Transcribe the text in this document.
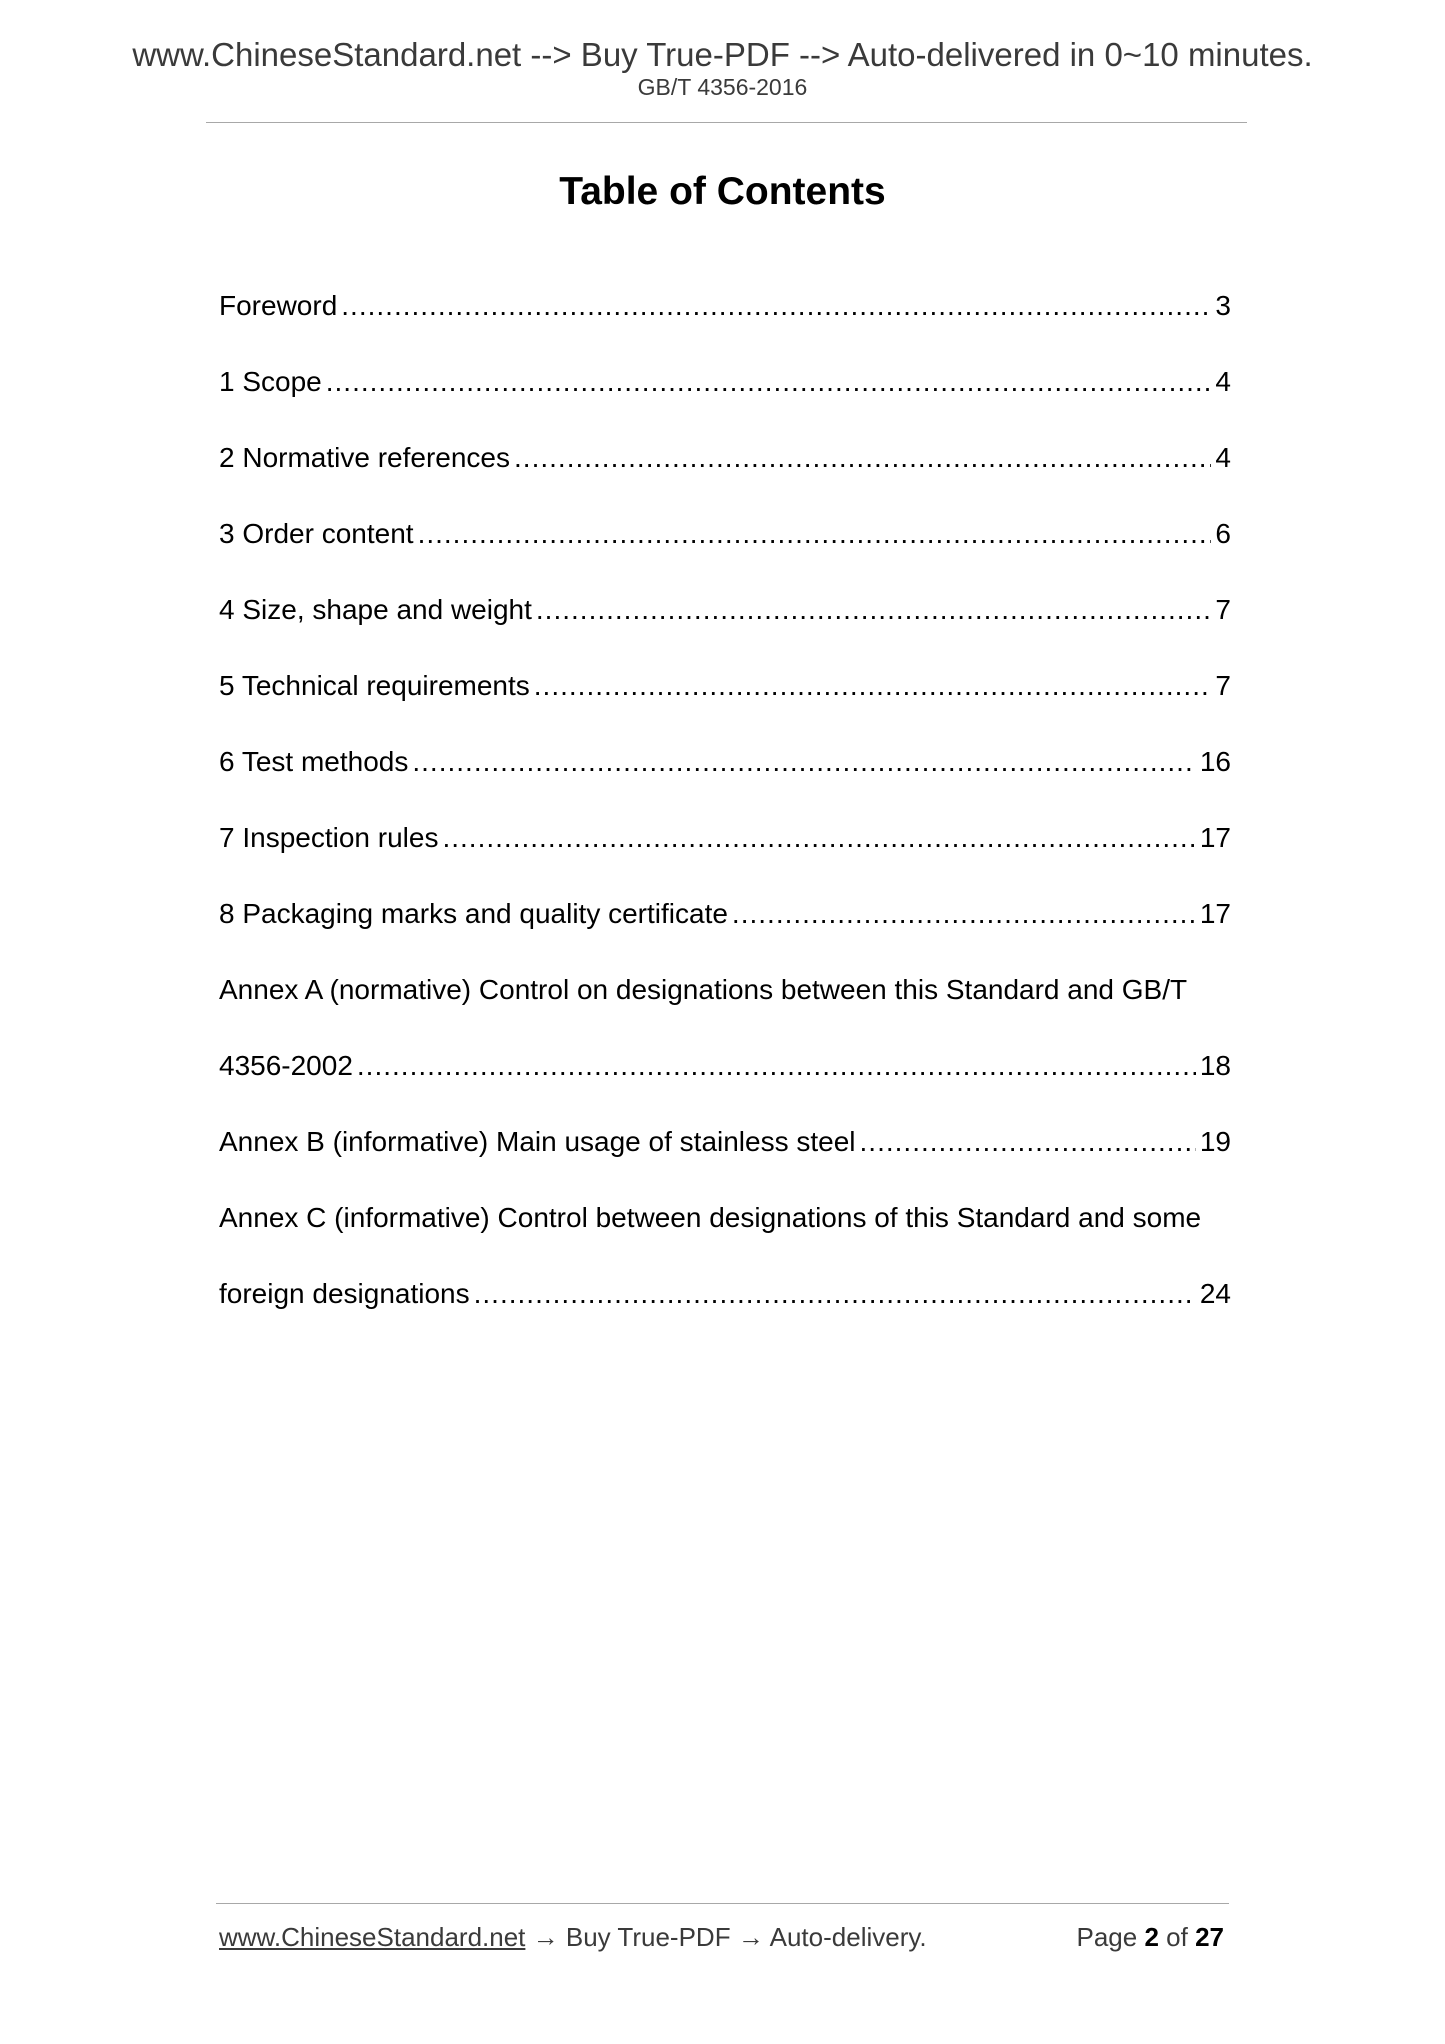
www.ChineseStandard.net --> Buy True-PDF --> Auto-delivered in 0~10 minutes.
GB/T 4356-2016
Table of Contents
Foreword .....	3
1 Scope .....	4
2 Normative references .....	4
3 Order content .....	6
4 Size, shape and weight .....	7
5 Technical requirements .....	7
6 Test methods .....	16
7 Inspection rules .....	17
8 Packaging marks and quality certificate .....	17
Annex A (normative) Control on designations between this Standard and GB/T
4356-2002 .....	18
Annex B (informative) Main usage of stainless steel .....	19
Annex C (informative) Control between designations of this Standard and some
foreign designations .....	24
www.ChineseStandard.net → Buy True-PDF → Auto-delivery.	Page 2 of 27
